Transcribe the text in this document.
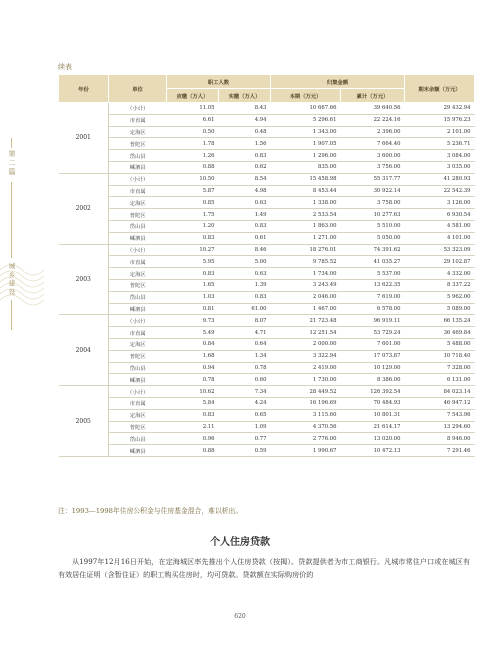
第二篇
城乡建设
续表
年份	单位	职工人数		归集金额		期末余额（万元）
		应缴（万人）	实缴（万人）	本期（万元）	累计（万元）	
2001	（小计）	11.05	8.43	10 667.66	39 640.56	29 432.94
	市直属	6.61	4.94	5 296.61	22 224.16	15 976.23
	定海区	0.50	0.48	1 343.00	2 396.00	2 101.00
	普陀区	1.78	1.56	1 907.05	7 664.40	5 236.71
	岱山县	1.26	0.83	1 296.00	3 600.00	3 084.00
	嵊泗县	0.88	0.62	835.00	3 756.00	3 035.00
2002	（小计）	10.50	8.54	15 458.98	55 317.77	41 280.93
	市直属	5.87	4.98	8 453.44	30 922.14	22 542.39
	定海区	0.85	0.63	1 338.00	3 758.00	3 126.00
	普陀区	1.75	1.49	2 533.54	10 277.63	6 930.54
	岱山县	1.20	0.83	1 863.00	5 510.00	4 581.00
	嵊泗县	0.83	0.61	1 271.00	5 050.00	4 101.00
2003	（小计）	10.27	8.46	18 276.01	74 391.62	53 323.09
	市直属	5.95	5.00	9 785.52	41 035.27	29 102.87
	定海区	0.83	0.63	1 734.00	5 537.00	4 332.00
	普陀区	1.65	1.39	3 243.49	13 622.35	8 337.22
	岱山县	1.03	0.83	2 046.00	7 619.00	5 962.00
	嵊泗县	0.81	61.00	1 467.00	6 578.00	5 089.00
2004	（小计）	9.73	8.07	21 723.48	96 919.11	66 135.24
	市直属	5.49	4.71	12 251.54	53 729.24	36 469.84
	定海区	0.84	0.64	2 000.00	7 601.00	5 488.00
	普陀区	1.68	1.34	3 322.94	17 073.87	10 718.40
	岱山县	0.94	0.78	2 419.00	10 129.00	7 328.00
	嵊泗县	0.78	0.60	1 730.00	8 386.00	6 131.00
2005	（小计）	10.62	7.34	28 449.52	126 392.54	84 023.14
	市直属	5.84	4.24	16 196.69	70 484.93	46 947.12
	定海区	0.83	0.65	3 115.60	10 801.31	7 543.96
	普陀区	2.11	1.09	4 370.56	21 614.17	13 294.60
	岱山县	0.96	0.77	2 776.00	13 020.00	8 946.00
	嵊泗县	0.88	0.59	1 990.67	10 472.13	7 291.46
注：1993—1998年住房公积金与住房基金混合，难以析出。
个人住房贷款
从1997年12月16日开始，在定海城区率先推出个人住房贷款（按揭）。贷款提供者为市工商银行。凡城市常住户口或在城区有有效居住证明（含暂住证）的职工购买住房时，均可贷款。贷款额在实际购房价的
620
